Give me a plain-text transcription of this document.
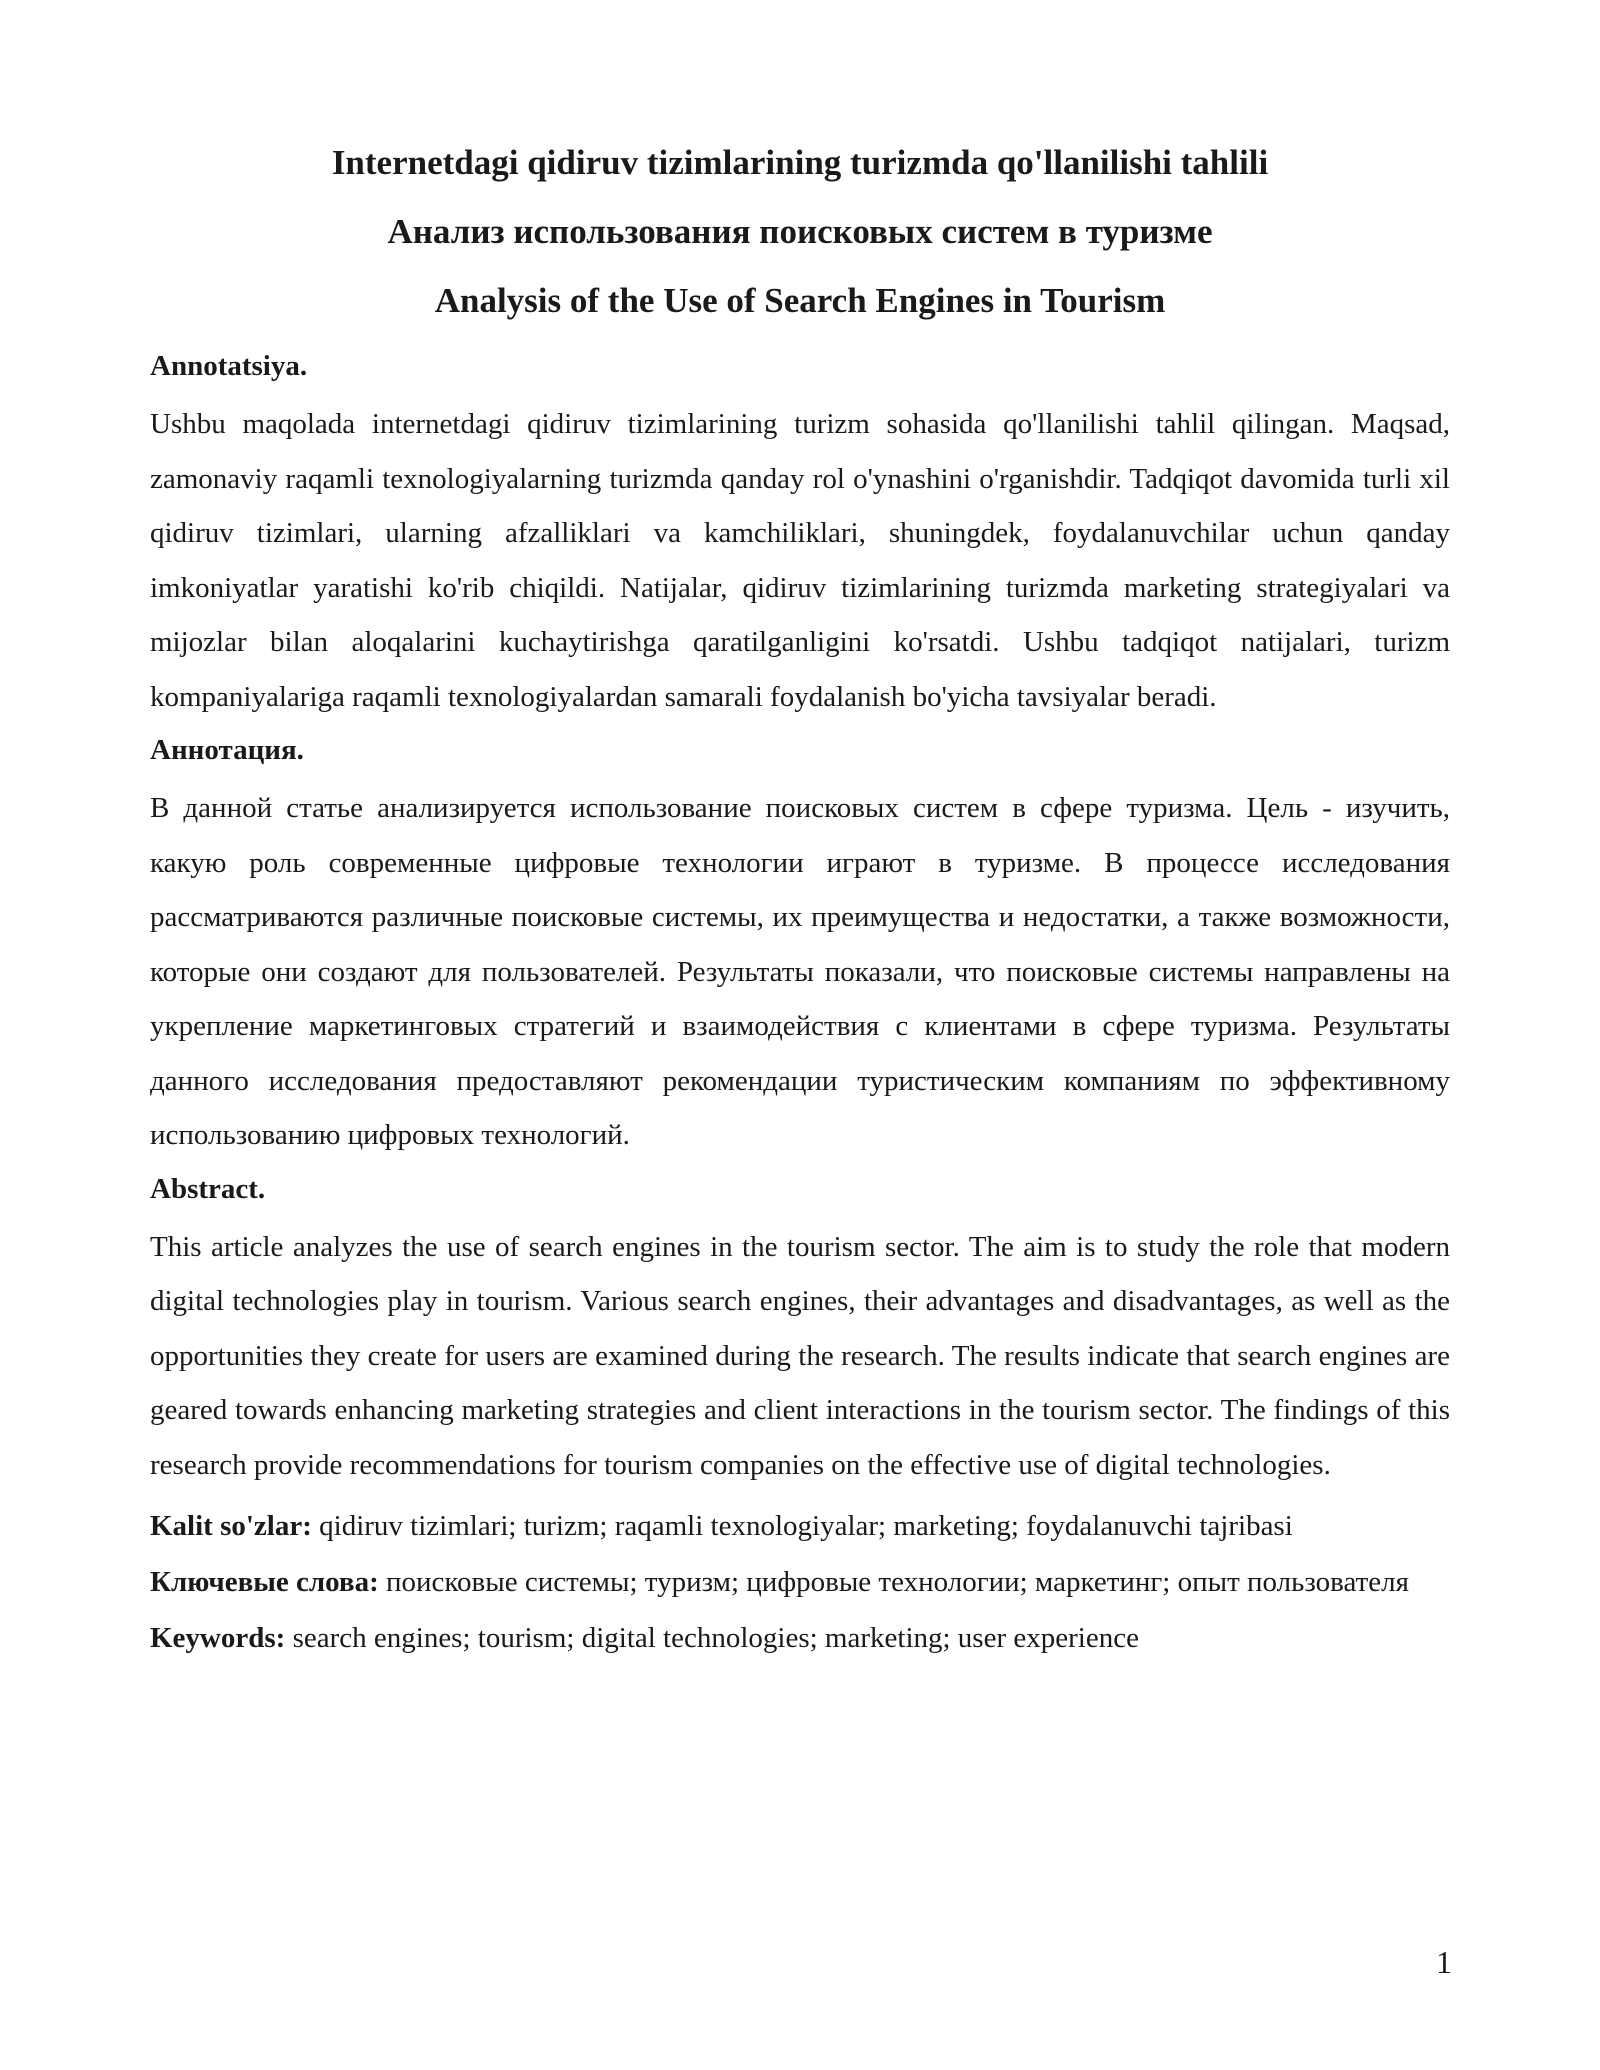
Internetdagi qidiruv tizimlarining turizmda qo'llanilishi tahlili
Анализ использования поисковых систем в туризме
Analysis of the Use of Search Engines in Tourism
Annotatsiya.
Ushbu maqolada internetdagi qidiruv tizimlarining turizm sohasida qo'llanilishi tahlil qilingan. Maqsad, zamonaviy raqamli texnologiyalarning turizmda qanday rol o'ynashini o'rganishdir. Tadqiqot davomida turli xil qidiruv tizimlari, ularning afzalliklari va kamchiliklari, shuningdek, foydalanuvchilar uchun qanday imkoniyatlar yaratishi ko'rib chiqildi. Natijalar, qidiruv tizimlarining turizmda marketing strategiyalari va mijozlar bilan aloqalarini kuchaytirishga qaratilganligini ko'rsatdi. Ushbu tadqiqot natijalari, turizm kompaniyalariga raqamli texnologiyalardan samarali foydalanish bo'yicha tavsiyalar beradi.
Аннотация.
В данной статье анализируется использование поисковых систем в сфере туризма. Цель - изучить, какую роль современные цифровые технологии играют в туризме. В процессе исследования рассматриваются различные поисковые системы, их преимущества и недостатки, а также возможности, которые они создают для пользователей. Результаты показали, что поисковые системы направлены на укрепление маркетинговых стратегий и взаимодействия с клиентами в сфере туризма. Результаты данного исследования предоставляют рекомендации туристическим компаниям по эффективному использованию цифровых технологий.
Abstract.
This article analyzes the use of search engines in the tourism sector. The aim is to study the role that modern digital technologies play in tourism. Various search engines, their advantages and disadvantages, as well as the opportunities they create for users are examined during the research. The results indicate that search engines are geared towards enhancing marketing strategies and client interactions in the tourism sector. The findings of this research provide recommendations for tourism companies on the effective use of digital technologies.
Kalit so'zlar: qidiruv tizimlari; turizm; raqamli texnologiyalar; marketing; foydalanuvchi tajribasi
Ключевые слова: поисковые системы; туризм; цифровые технологии; маркетинг; опыт пользователя
Keywords: search engines; tourism; digital technologies; marketing; user experience
1
